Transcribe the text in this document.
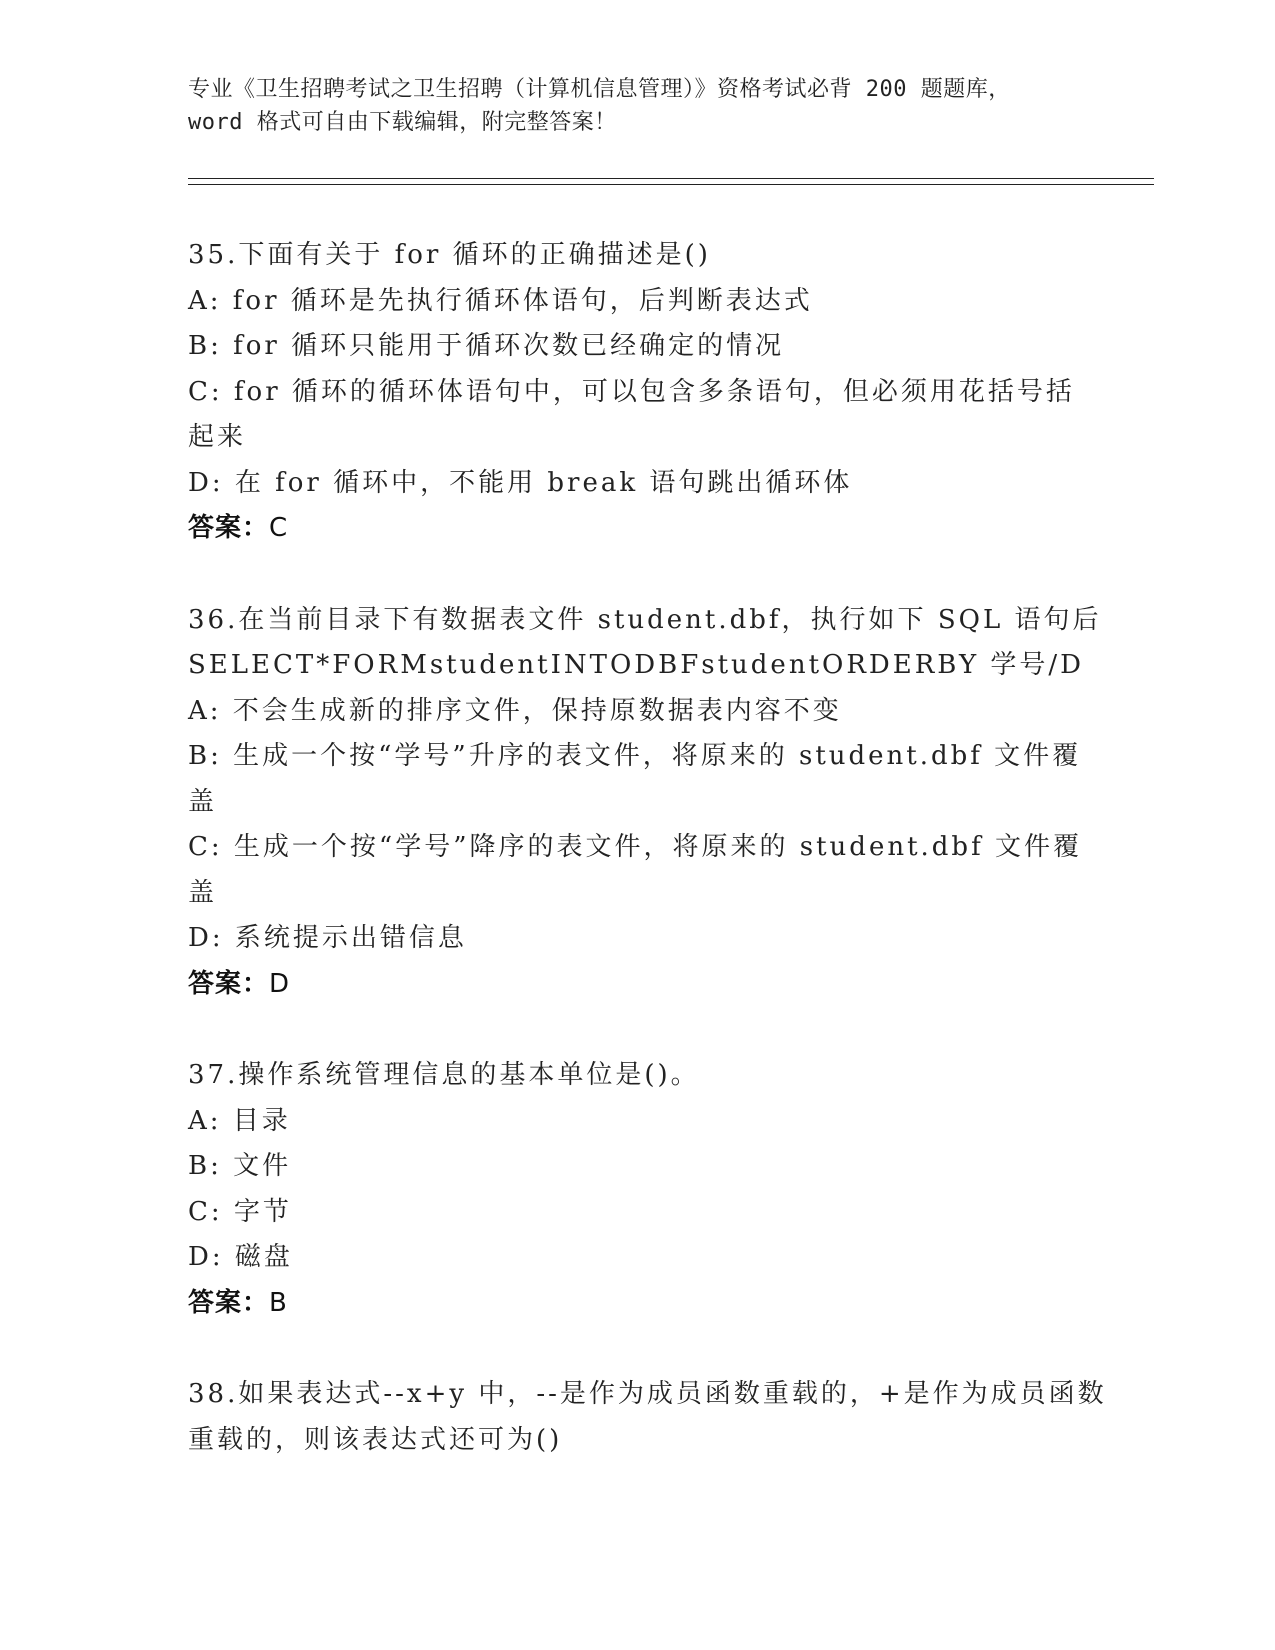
专业《卫生招聘考试之卫生招聘（计算机信息管理）》资格考试必背 200 题题库，
word 格式可自由下载编辑，附完整答案！
35.下面有关于 for 循环的正确描述是()
A: for 循环是先执行循环体语句，后判断表达式
B: for 循环只能用于循环次数已经确定的情况
C: for 循环的循环体语句中，可以包含多条语句，但必须用花括号括
起来
D: 在 for 循环中，不能用 break 语句跳出循环体
答案：C
36.在当前目录下有数据表文件 student.dbf，执行如下 SQL 语句后
SELECT*FORMstudentINTODBFstudentORDERBY 学号/D
A: 不会生成新的排序文件，保持原数据表内容不变
B: 生成一个按“学号”升序的表文件，将原来的 student.dbf 文件覆
盖
C: 生成一个按“学号”降序的表文件，将原来的 student.dbf 文件覆
盖
D: 系统提示出错信息
答案：D
37.操作系统管理信息的基本单位是()。
A: 目录
B: 文件
C: 字节
D: 磁盘
答案：B
38.如果表达式--x+y 中，--是作为成员函数重载的，+是作为成员函数
重载的，则该表达式还可为()
